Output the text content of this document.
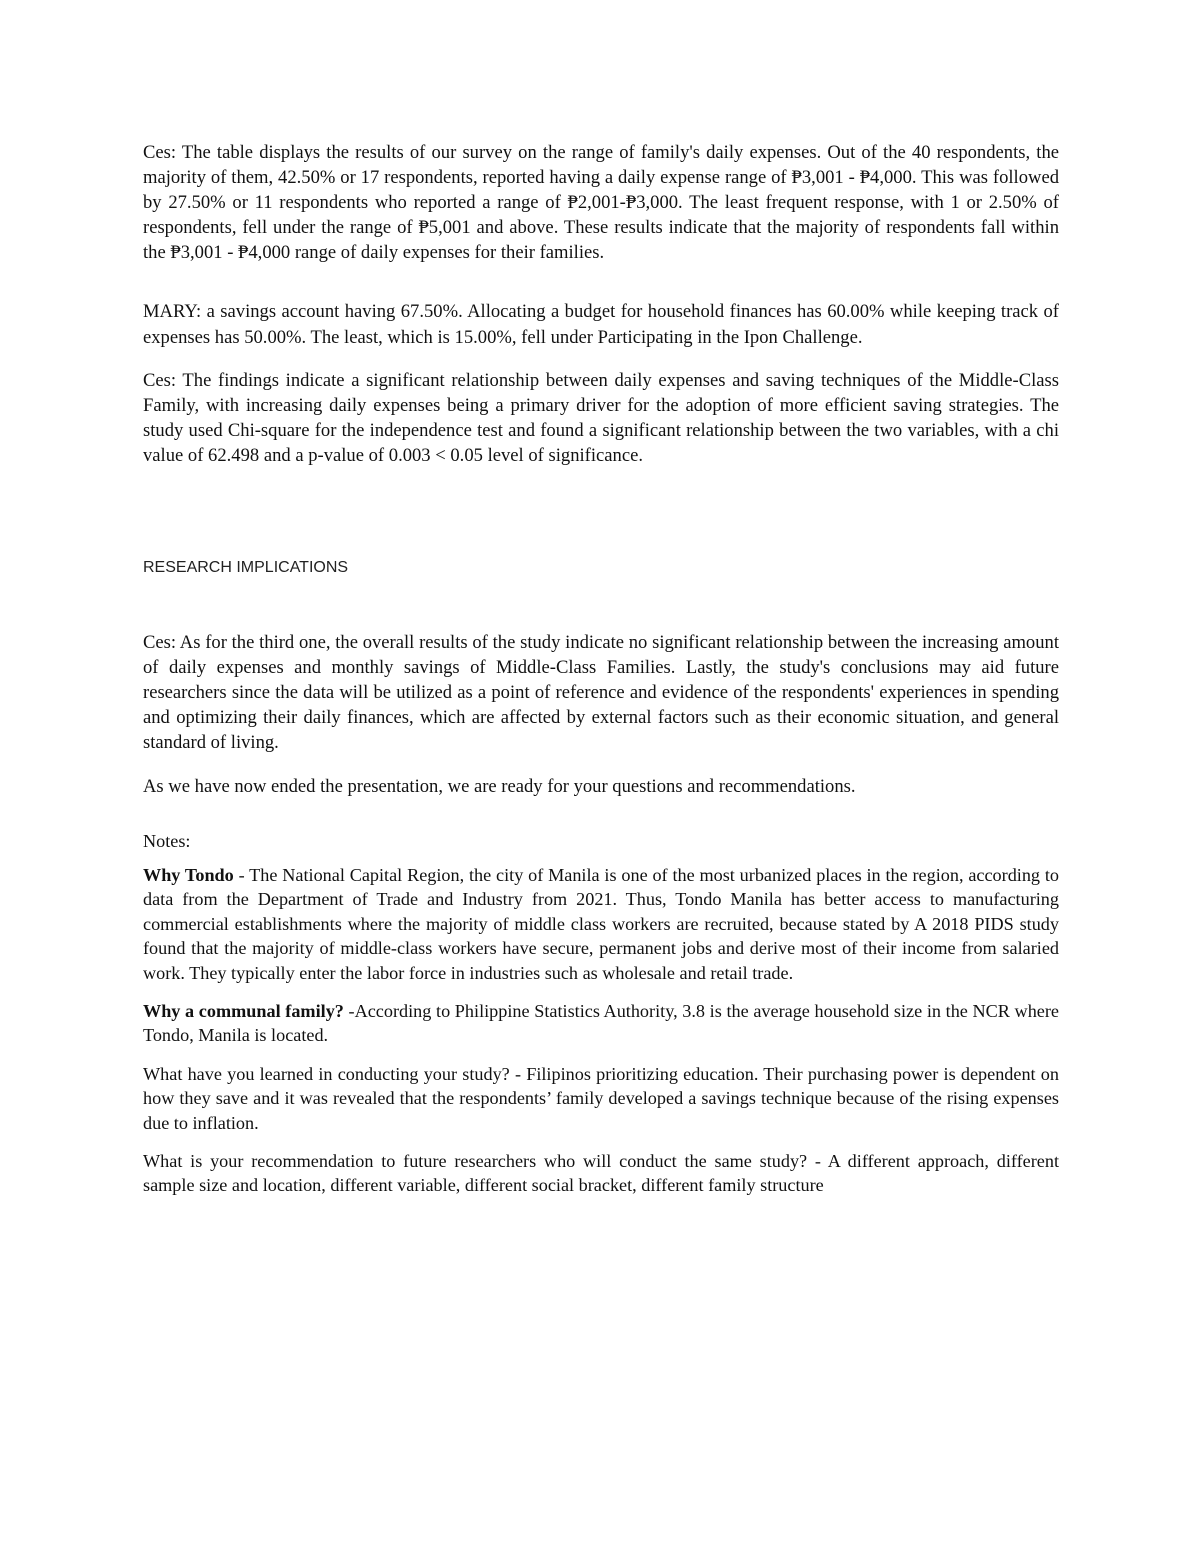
Ces: The table displays the results of our survey on the range of family's daily expenses. Out of the 40 respondents, the majority of them, 42.50% or 17 respondents, reported having a daily expense range of ₱3,001 - ₱4,000. This was followed by 27.50% or 11 respondents who reported a range of ₱2,001-₱3,000. The least frequent response, with 1 or 2.50% of respondents, fell under the range of ₱5,001 and above. These results indicate that the majority of respondents fall within the ₱3,001 - ₱4,000 range of daily expenses for their families.

MARY: a savings account having 67.50%. Allocating a budget for household finances has 60.00% while keeping track of expenses has 50.00%. The least, which is 15.00%, fell under Participating in the Ipon Challenge.

Ces: The findings indicate a significant relationship between daily expenses and saving techniques of the Middle-Class Family, with increasing daily expenses being a primary driver for the adoption of more efficient saving strategies. The study used Chi-square for the independence test and found a significant relationship between the two variables, with a chi value of 62.498 and a p-value of 0.003 < 0.05 level of significance.

RESEARCH IMPLICATIONS

Ces: As for the third one, the overall results of the study indicate no significant relationship between the increasing amount of daily expenses and monthly savings of Middle-Class Families. Lastly, the study's conclusions may aid future researchers since the data will be utilized as a point of reference and evidence of the respondents' experiences in spending and optimizing their daily finances, which are affected by external factors such as their economic situation, and general standard of living.

As we have now ended the presentation, we are ready for your questions and recommendations.

Notes:

Why Tondo - The National Capital Region, the city of Manila is one of the most urbanized places in the region, according to data from the Department of Trade and Industry from 2021. Thus, Tondo Manila has better access to manufacturing commercial establishments where the majority of middle class workers are recruited, because stated by A 2018 PIDS study found that the majority of middle-class workers have secure, permanent jobs and derive most of their income from salaried work. They typically enter the labor force in industries such as wholesale and retail trade.

Why a communal family? -According to Philippine Statistics Authority, 3.8 is the average household size in the NCR where Tondo, Manila is located.

What have you learned in conducting your study? - Filipinos prioritizing education. Their purchasing power is dependent on how they save and it was revealed that the respondents’ family developed a savings technique because of the rising expenses due to inflation.

What is your recommendation to future researchers who will conduct the same study? - A different approach, different sample size and location, different variable, different social bracket, different family structure
